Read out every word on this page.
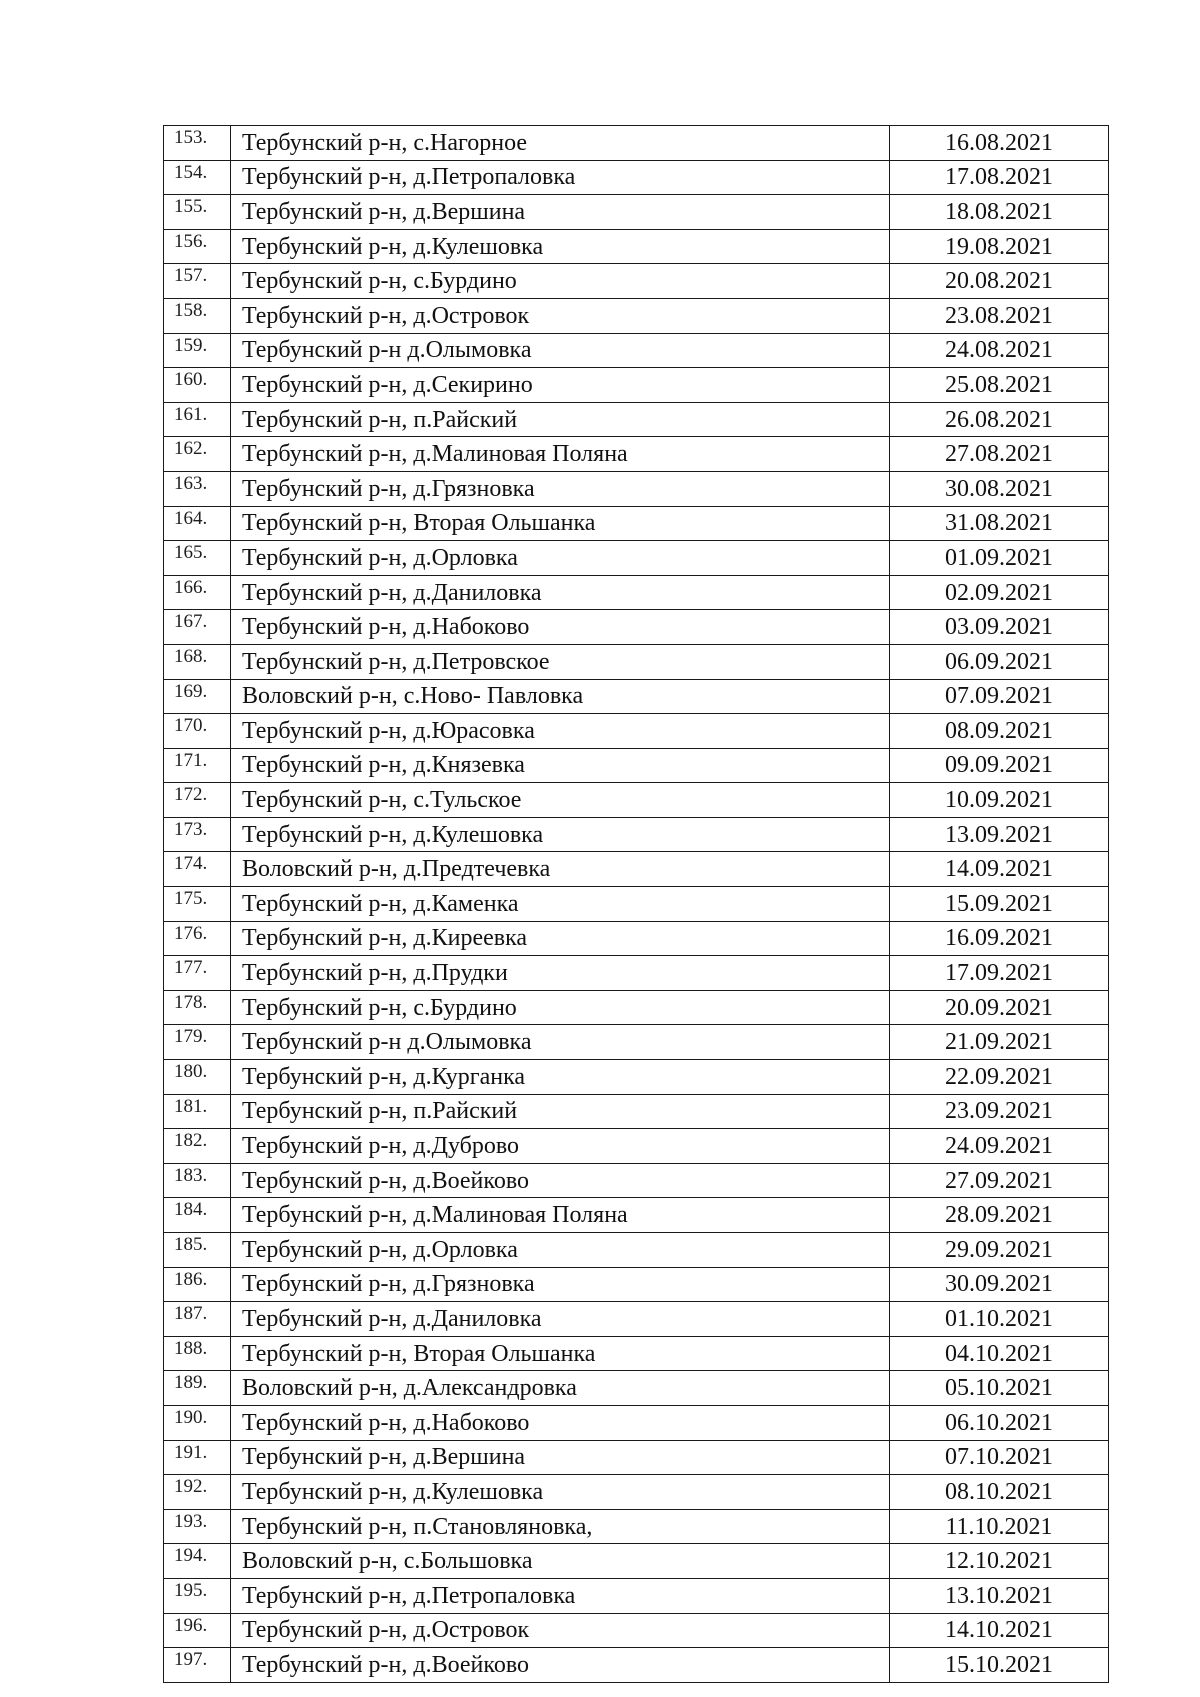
153.	Тербунский р-н, с.Нагорное	16.08.2021
154.	Тербунский р-н, д.Петропаловка	17.08.2021
155.	Тербунский р-н, д.Вершина	18.08.2021
156.	Тербунский р-н, д.Кулешовка	19.08.2021
157.	Тербунский р-н, с.Бурдино	20.08.2021
158.	Тербунский р-н, д.Островок	23.08.2021
159.	Тербунский р-н д.Олымовка	24.08.2021
160.	Тербунский р-н, д.Секирино	25.08.2021
161.	Тербунский р-н, п.Райский	26.08.2021
162.	Тербунский р-н, д.Малиновая Поляна	27.08.2021
163.	Тербунский р-н, д.Грязновка	30.08.2021
164.	Тербунский р-н, Вторая Ольшанка	31.08.2021
165.	Тербунский р-н, д.Орловка	01.09.2021
166.	Тербунский р-н, д.Даниловка	02.09.2021
167.	Тербунский р-н, д.Набоково	03.09.2021
168.	Тербунский р-н, д.Петровское	06.09.2021
169.	Воловский р-н, с.Ново- Павловка	07.09.2021
170.	Тербунский р-н, д.Юрасовка	08.09.2021
171.	Тербунский р-н, д.Князевка	09.09.2021
172.	Тербунский р-н, с.Тульское	10.09.2021
173.	Тербунский р-н, д.Кулешовка	13.09.2021
174.	Воловский р-н, д.Предтечевка	14.09.2021
175.	Тербунский р-н, д.Каменка	15.09.2021
176.	Тербунский р-н, д.Киреевка	16.09.2021
177.	Тербунский р-н, д.Прудки	17.09.2021
178.	Тербунский р-н, с.Бурдино	20.09.2021
179.	Тербунский р-н д.Олымовка	21.09.2021
180.	Тербунский р-н, д.Курганка	22.09.2021
181.	Тербунский р-н, п.Райский	23.09.2021
182.	Тербунский р-н, д.Дуброво	24.09.2021
183.	Тербунский р-н, д.Воейково	27.09.2021
184.	Тербунский р-н, д.Малиновая Поляна	28.09.2021
185.	Тербунский р-н, д.Орловка	29.09.2021
186.	Тербунский р-н, д.Грязновка	30.09.2021
187.	Тербунский р-н, д.Даниловка	01.10.2021
188.	Тербунский р-н, Вторая Ольшанка	04.10.2021
189.	Воловский р-н, д.Александровка	05.10.2021
190.	Тербунский р-н, д.Набоково	06.10.2021
191.	Тербунский р-н, д.Вершина	07.10.2021
192.	Тербунский р-н, д.Кулешовка	08.10.2021
193.	Тербунский р-н, п.Становляновка,	11.10.2021
194.	Воловский р-н, с.Большовка	12.10.2021
195.	Тербунский р-н, д.Петропаловка	13.10.2021
196.	Тербунский р-н, д.Островок	14.10.2021
197.	Тербунский р-н, д.Воейково	15.10.2021
